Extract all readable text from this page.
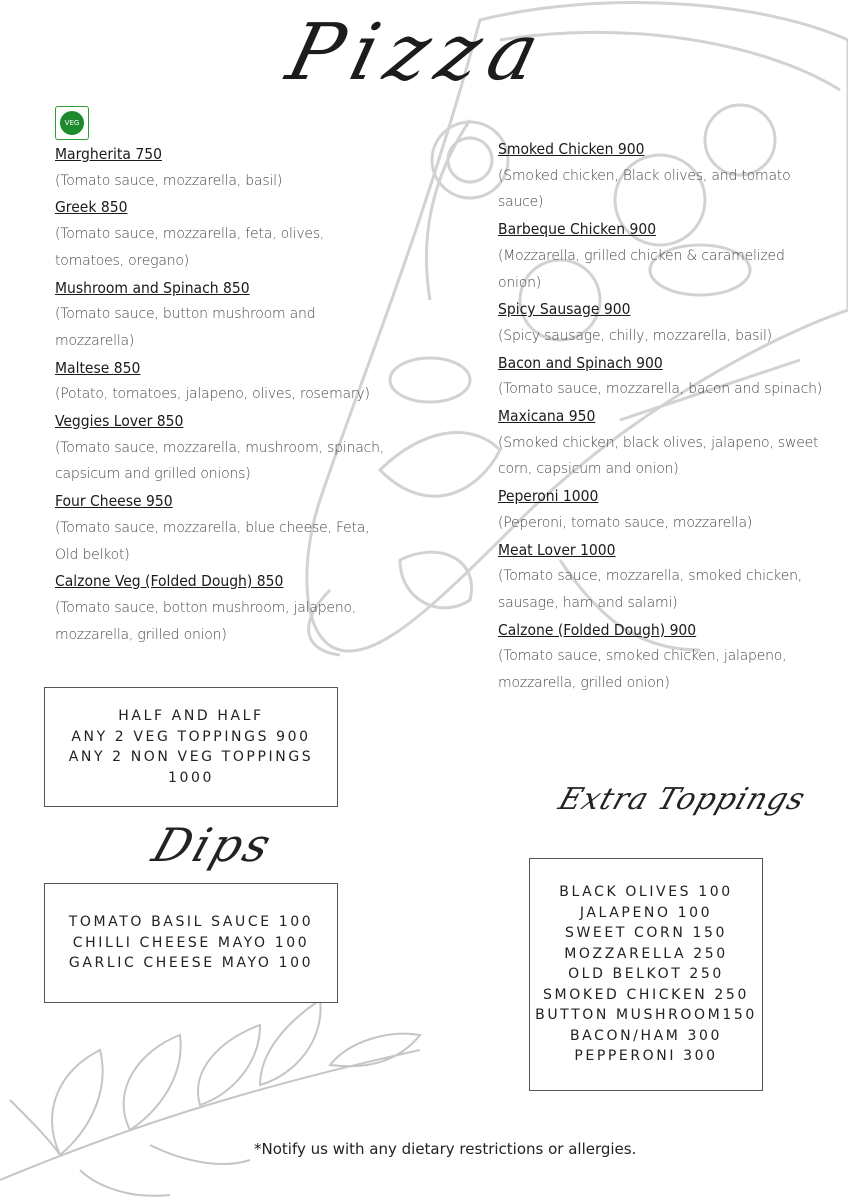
Pizza
VEG
Margherita 750
(Tomato sauce, mozzarella, basil)
Greek 850
(Tomato sauce, mozzarella, feta, olives, tomatoes, oregano)
Mushroom and Spinach 850
(Tomato sauce, button mushroom and mozzarella)
Maltese 850
(Potato, tomatoes, jalapeno, olives, rosemary)
Veggies Lover 850
(Tomato sauce, mozzarella, mushroom, spinach, capsicum and grilled onions)
Four Cheese 950
(Tomato sauce, mozzarella, blue cheese, Feta, Old belkot)
Calzone Veg (Folded Dough) 850
(Tomato sauce, botton mushroom, jalapeno, mozzarella, grilled onion)
Smoked Chicken 900
(Smoked chicken, Black olives, and tomato sauce)
Barbeque Chicken 900
(Mozzarella, grilled chicken & caramelized onion)
Spicy Sausage 900
(Spicy sausage, chilly, mozzarella, basil)
Bacon and Spinach 900
(Tomato sauce, mozzarella, bacon and spinach)
Maxicana 950
(Smoked chicken, black olives, jalapeno, sweet corn, capsicum and onion)
Peperoni 1000
(Peperoni, tomato sauce, mozzarella)
Meat Lover 1000
(Tomato sauce, mozzarella, smoked chicken, sausage, ham and salami)
Calzone (Folded Dough) 900
(Tomato sauce, smoked chicken, jalapeno, mozzarella, grilled onion)
HALF AND HALF
ANY 2 VEG TOPPINGS 900
ANY 2 NON VEG TOPPINGS 1000
Dips
TOMATO BASIL SAUCE 100
CHILLI CHEESE MAYO 100
GARLIC CHEESE MAYO 100
Extra Toppings
BLACK OLIVES 100
JALAPENO 100
SWEET CORN 150
MOZZARELLA 250
OLD BELKOT 250
SMOKED CHICKEN 250
BUTTON MUSHROOM150
BACON/HAM 300
PEPPERONI 300
*Notify us with any dietary restrictions or allergies.
